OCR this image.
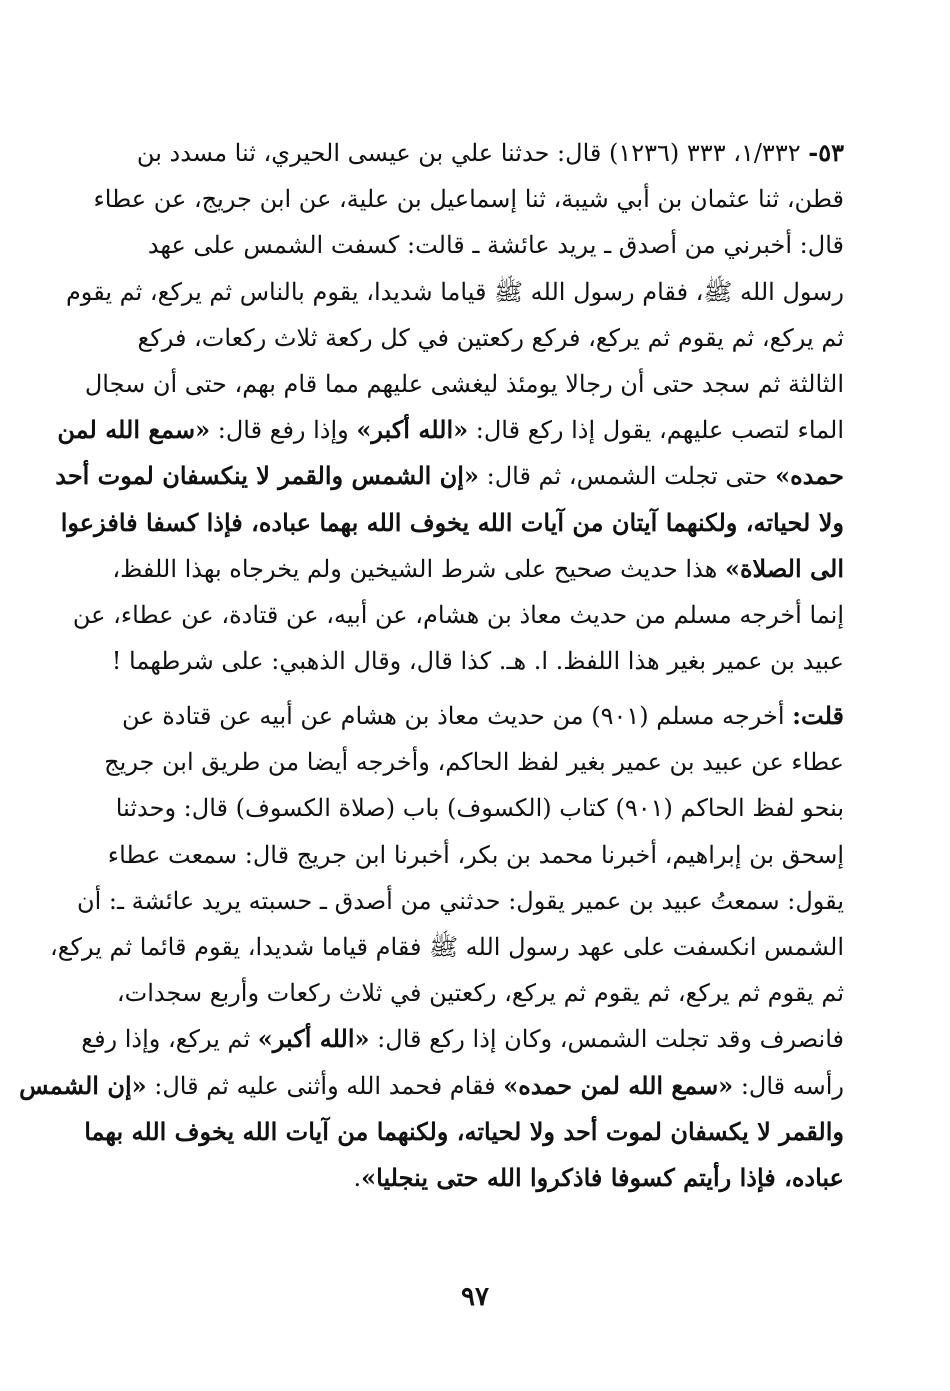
٥٣- ١/٣٣٢، ٣٣٣ (١٢٣٦) قال: حدثنا علي بن عيسى الحيري، ثنا مسدد بن
قطن، ثنا عثمان بن أبي شيبة، ثنا إسماعيل بن علية، عن ابن جريج، عن عطاء
قال: أخبرني من أصدق ـ يريد عائشة ـ قالت: كسفت الشمس على عهد
رسول الله ﷺ، فقام رسول الله ﷺ قياما شديدا، يقوم بالناس ثم يركع، ثم يقوم
ثم يركع، ثم يقوم ثم يركع، فركع ركعتين في كل ركعة ثلاث ركعات، فركع
الثالثة ثم سجد حتى أن رجالا يومئذ ليغشى عليهم مما قام بهم، حتى أن سجال
الماء لتصب عليهم، يقول إذا ركع قال: «الله أكبر» وإذا رفع قال: «سمع الله لمن
حمده» حتى تجلت الشمس، ثم قال: «إن الشمس والقمر لا ينكسفان لموت أحد
ولا لحياته، ولكنهما آيتان من آيات الله يخوف الله بهما عباده، فإذا كسفا فافزعوا
الى الصلاة» هذا حديث صحيح على شرط الشيخين ولم يخرجاه بهذا اللفظ،
إنما أخرجه مسلم من حديث معاذ بن هشام، عن أبيه، عن قتادة، عن عطاء، عن
عبيد بن عمير بغير هذا اللفظ. ا. هـ. كذا قال، وقال الذهبي: على شرطهما !
قلت: أخرجه مسلم (٩٠١) من حديث معاذ بن هشام عن أبيه عن قتادة عن
عطاء عن عبيد بن عمير بغير لفظ الحاكم، وأخرجه أيضا من طريق ابن جريج
بنحو لفظ الحاكم (٩٠١) كتاب (الكسوف) باب (صلاة الكسوف) قال: وحدثنا
إسحق بن إبراهيم، أخبرنا محمد بن بكر، أخبرنا ابن جريج قال: سمعت عطاء
يقول: سمعتُ عبيد بن عمير يقول: حدثني من أصدق ـ حسبته يريد عائشة ـ: أن
الشمس انكسفت على عهد رسول الله ﷺ فقام قياما شديدا، يقوم قائما ثم يركع،
ثم يقوم ثم يركع، ثم يقوم ثم يركع، ركعتين في ثلاث ركعات وأربع سجدات،
فانصرف وقد تجلت الشمس، وكان إذا ركع قال: «الله أكبر» ثم يركع، وإذا رفع
رأسه قال: «سمع الله لمن حمده» فقام فحمد الله وأثنى عليه ثم قال: «إن الشمس
والقمر لا يكسفان لموت أحد ولا لحياته، ولكنهما من آيات الله يخوف الله بهما
عباده، فإذا رأيتم كسوفا فاذكروا الله حتى ينجليا».
٩٧
